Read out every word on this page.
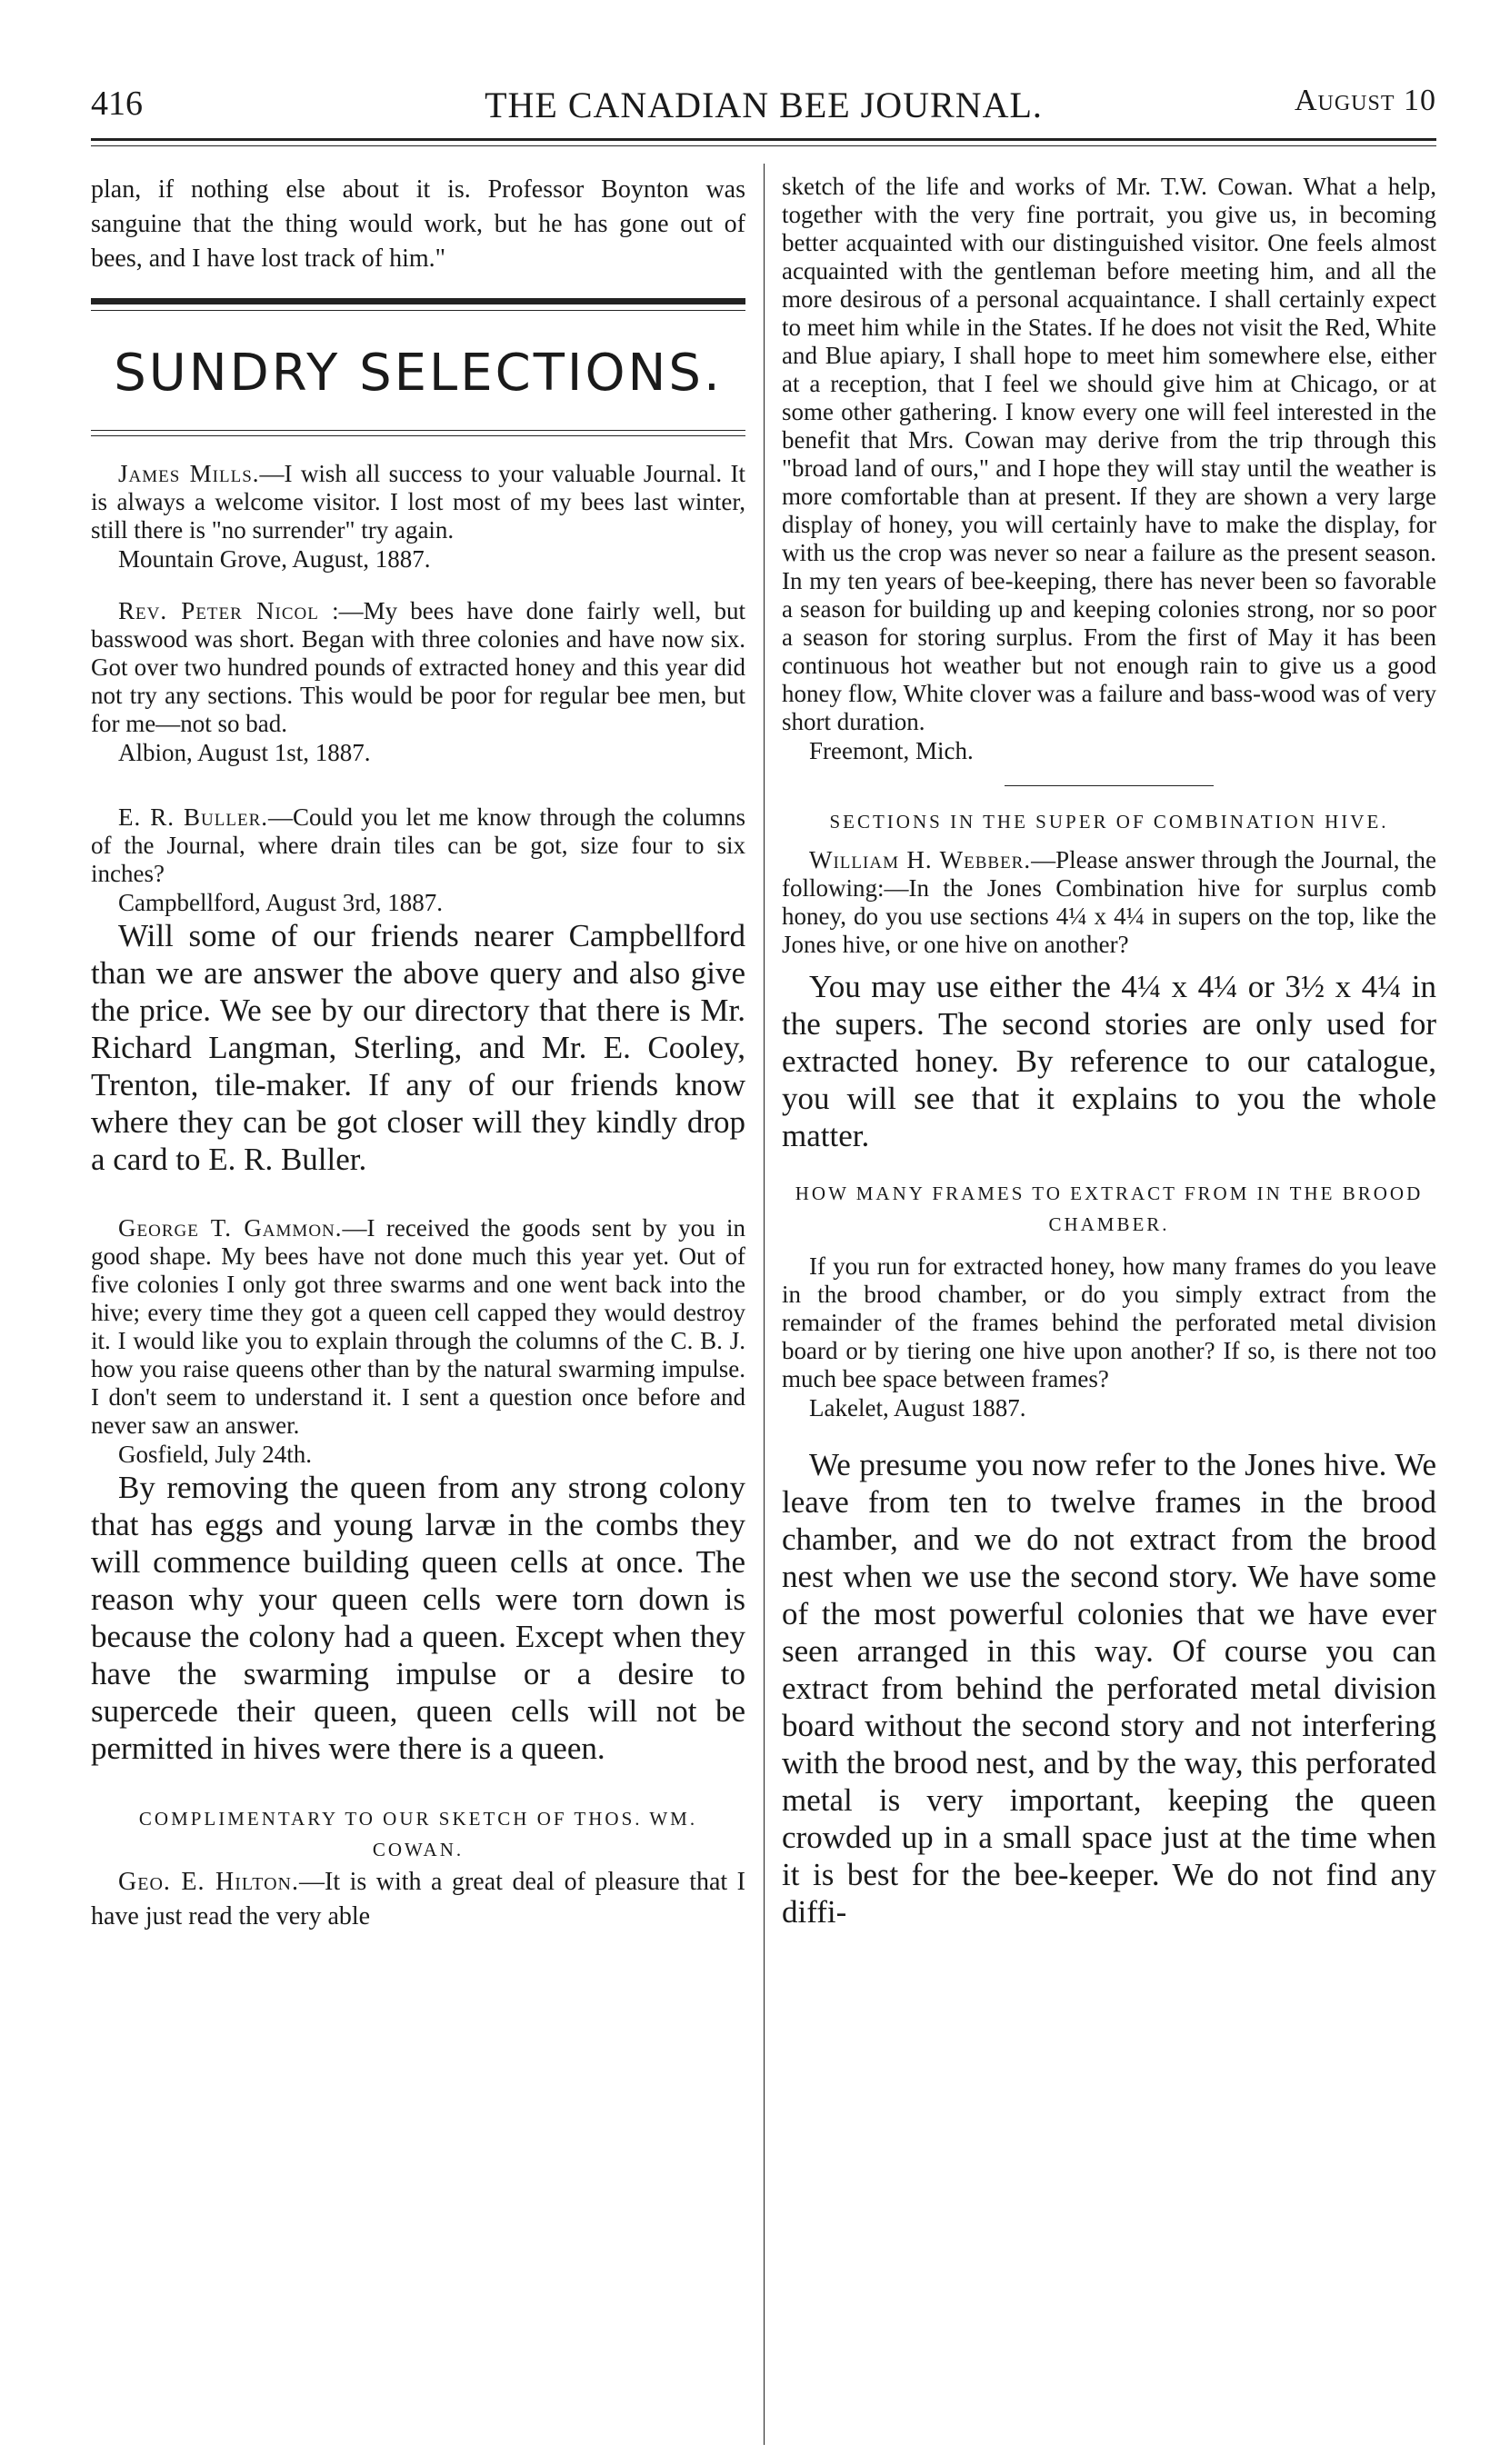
416	THE CANADIAN BEE JOURNAL.	August 10

plan, if nothing else about it is. Professor Boynton was sanguine that the thing would work, but he has gone out of bees, and I have lost track of him."

SUNDRY SELECTIONS.

James Mills.—I wish all success to your valuable Journal. It is always a welcome visitor. I lost most of my bees last winter, still there is "no surrender" try again.

Mountain Grove, August, 1887.

Rev. Peter Nicol :—My bees have done fairly well, but basswood was short. Began with three colonies and have now six. Got over two hundred pounds of extracted honey and this year did not try any sections. This would be poor for regular bee men, but for me—not so bad.

Albion, August 1st, 1887.

E. R. Buller.—Could you let me know through the columns of the Journal, where drain tiles can be got, size four to six inches?

Campbellford, August 3rd, 1887.

Will some of our friends nearer Campbellford than we are answer the above query and also give the price. We see by our directory that there is Mr. Richard Langman, Sterling, and Mr. E. Cooley, Trenton, tile-maker. If any of our friends know where they can be got closer will they kindly drop a card to E. R. Buller.

George T. Gammon.—I received the goods sent by you in good shape. My bees have not done much this year yet. Out of five colonies I only got three swarms and one went back into the hive; every time they got a queen cell capped they would destroy it. I would like you to explain through the columns of the C. B. J. how you raise queens other than by the natural swarming impulse. I don't seem to understand it. I sent a question once before and never saw an answer.

Gosfield, July 24th.

By removing the queen from any strong colony that has eggs and young larvæ in the combs they will commence building queen cells at once. The reason why your queen cells were torn down is because the colony had a queen. Except when they have the swarming impulse or a desire to supercede their queen, queen cells will not be permitted in hives were there is a queen.

COMPLIMENTARY TO OUR SKETCH OF THOS. WM. COWAN.

Geo. E. Hilton.—It is with a great deal of pleasure that I have just read the very able

sketch of the life and works of Mr. T.W. Cowan. What a help, together with the very fine portrait, you give us, in becoming better acquainted with our distinguished visitor. One feels almost acquainted with the gentleman before meeting him, and all the more desirous of a personal acquaintance. I shall certainly expect to meet him while in the States. If he does not visit the Red, White and Blue apiary, I shall hope to meet him somewhere else, either at a reception, that I feel we should give him at Chicago, or at some other gathering. I know every one will feel interested in the benefit that Mrs. Cowan may derive from the trip through this "broad land of ours," and I hope they will stay until the weather is more comfortable than at present. If they are shown a very large display of honey, you will certainly have to make the display, for with us the crop was never so near a failure as the present season. In my ten years of bee-keeping, there has never been so favorable a season for building up and keeping colonies strong, nor so poor a season for storing surplus. From the first of May it has been continuous hot weather but not enough rain to give us a good honey flow, White clover was a failure and bass-wood was of very short duration.

Freemont, Mich.

SECTIONS IN THE SUPER OF COMBINATION HIVE.

William H. Webber.—Please answer through the Journal, the following:—In the Jones Combination hive for surplus comb honey, do you use sections 4¼ x 4¼ in supers on the top, like the Jones hive, or one hive on another?

You may use either the 4¼ x 4¼ or 3½ x 4¼ in the supers. The second stories are only used for extracted honey. By reference to our catalogue, you will see that it explains to you the whole matter.

HOW MANY FRAMES TO EXTRACT FROM IN THE BROOD CHAMBER.

If you run for extracted honey, how many frames do you leave in the brood chamber, or do you simply extract from the remainder of the frames behind the perforated metal division board or by tiering one hive upon another? If so, is there not too much bee space between frames?

Lakelet, August 1887.

We presume you now refer to the Jones hive. We leave from ten to twelve frames in the brood chamber, and we do not extract from the brood nest when we use the second story. We have some of the most powerful colonies that we have ever seen arranged in this way. Of course you can extract from behind the perforated metal division board without the second story and not interfering with the brood nest, and by the way, this perforated metal is very important, keeping the queen crowded up in a small space just at the time when it is best for the bee-keeper. We do not find any diffi-
